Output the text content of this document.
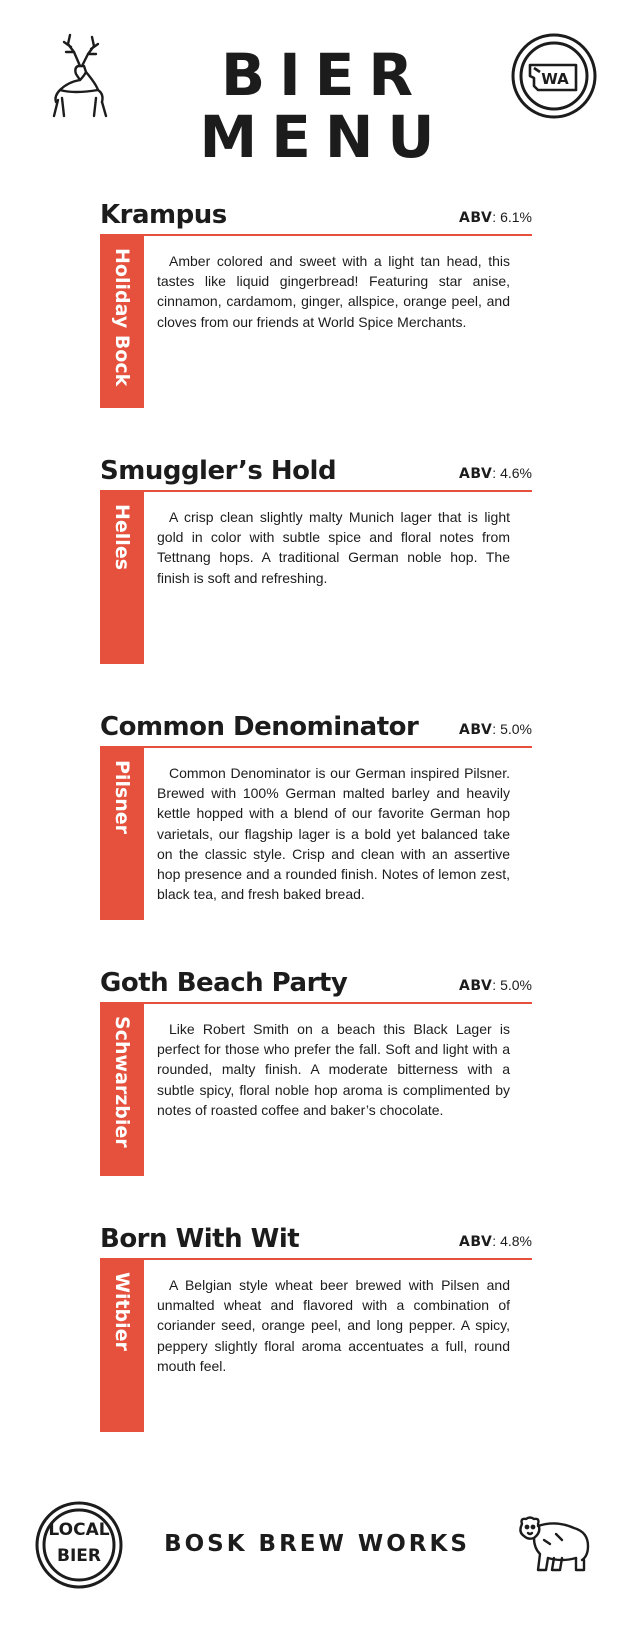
BIER
MENU
WA
Krampus	ABV: 6.1%
Holiday Bock	Amber colored and sweet with a light tan head, this tastes like liquid gingerbread! Featuring star anise, cinnamon, cardamom, ginger, allspice, orange peel, and cloves from our friends at World Spice Merchants.
Smuggler’s Hold	ABV: 4.6%
Helles	A crisp clean slightly malty Munich lager that is light gold in color with subtle spice and floral notes from Tettnang hops. A traditional German noble hop. The finish is soft and refreshing.
Common Denominator	ABV: 5.0%
Pilsner	Common Denominator is our German inspired Pilsner. Brewed with 100% German malted barley and heavily kettle hopped with a blend of our favorite German hop varietals, our flagship lager is a bold yet balanced take on the classic style. Crisp and clean with an assertive hop presence and a rounded finish. Notes of lemon zest, black tea, and fresh baked bread.
Goth Beach Party	ABV: 5.0%
Schwarzbier	Like Robert Smith on a beach this Black Lager is perfect for those who prefer the fall. Soft and light with a rounded, malty finish. A moderate bitterness with a subtle spicy, floral noble hop aroma is complimented by notes of roasted coffee and baker’s chocolate.
Born With Wit	ABV: 4.8%
Witbier	A Belgian style wheat beer brewed with Pilsen and unmalted wheat and flavored with a combination of coriander seed, orange peel, and long pepper. A spicy, peppery slightly floral aroma accentuates a full, round mouth feel.
LOCAL
BIER	BOSK BREW WORKS
